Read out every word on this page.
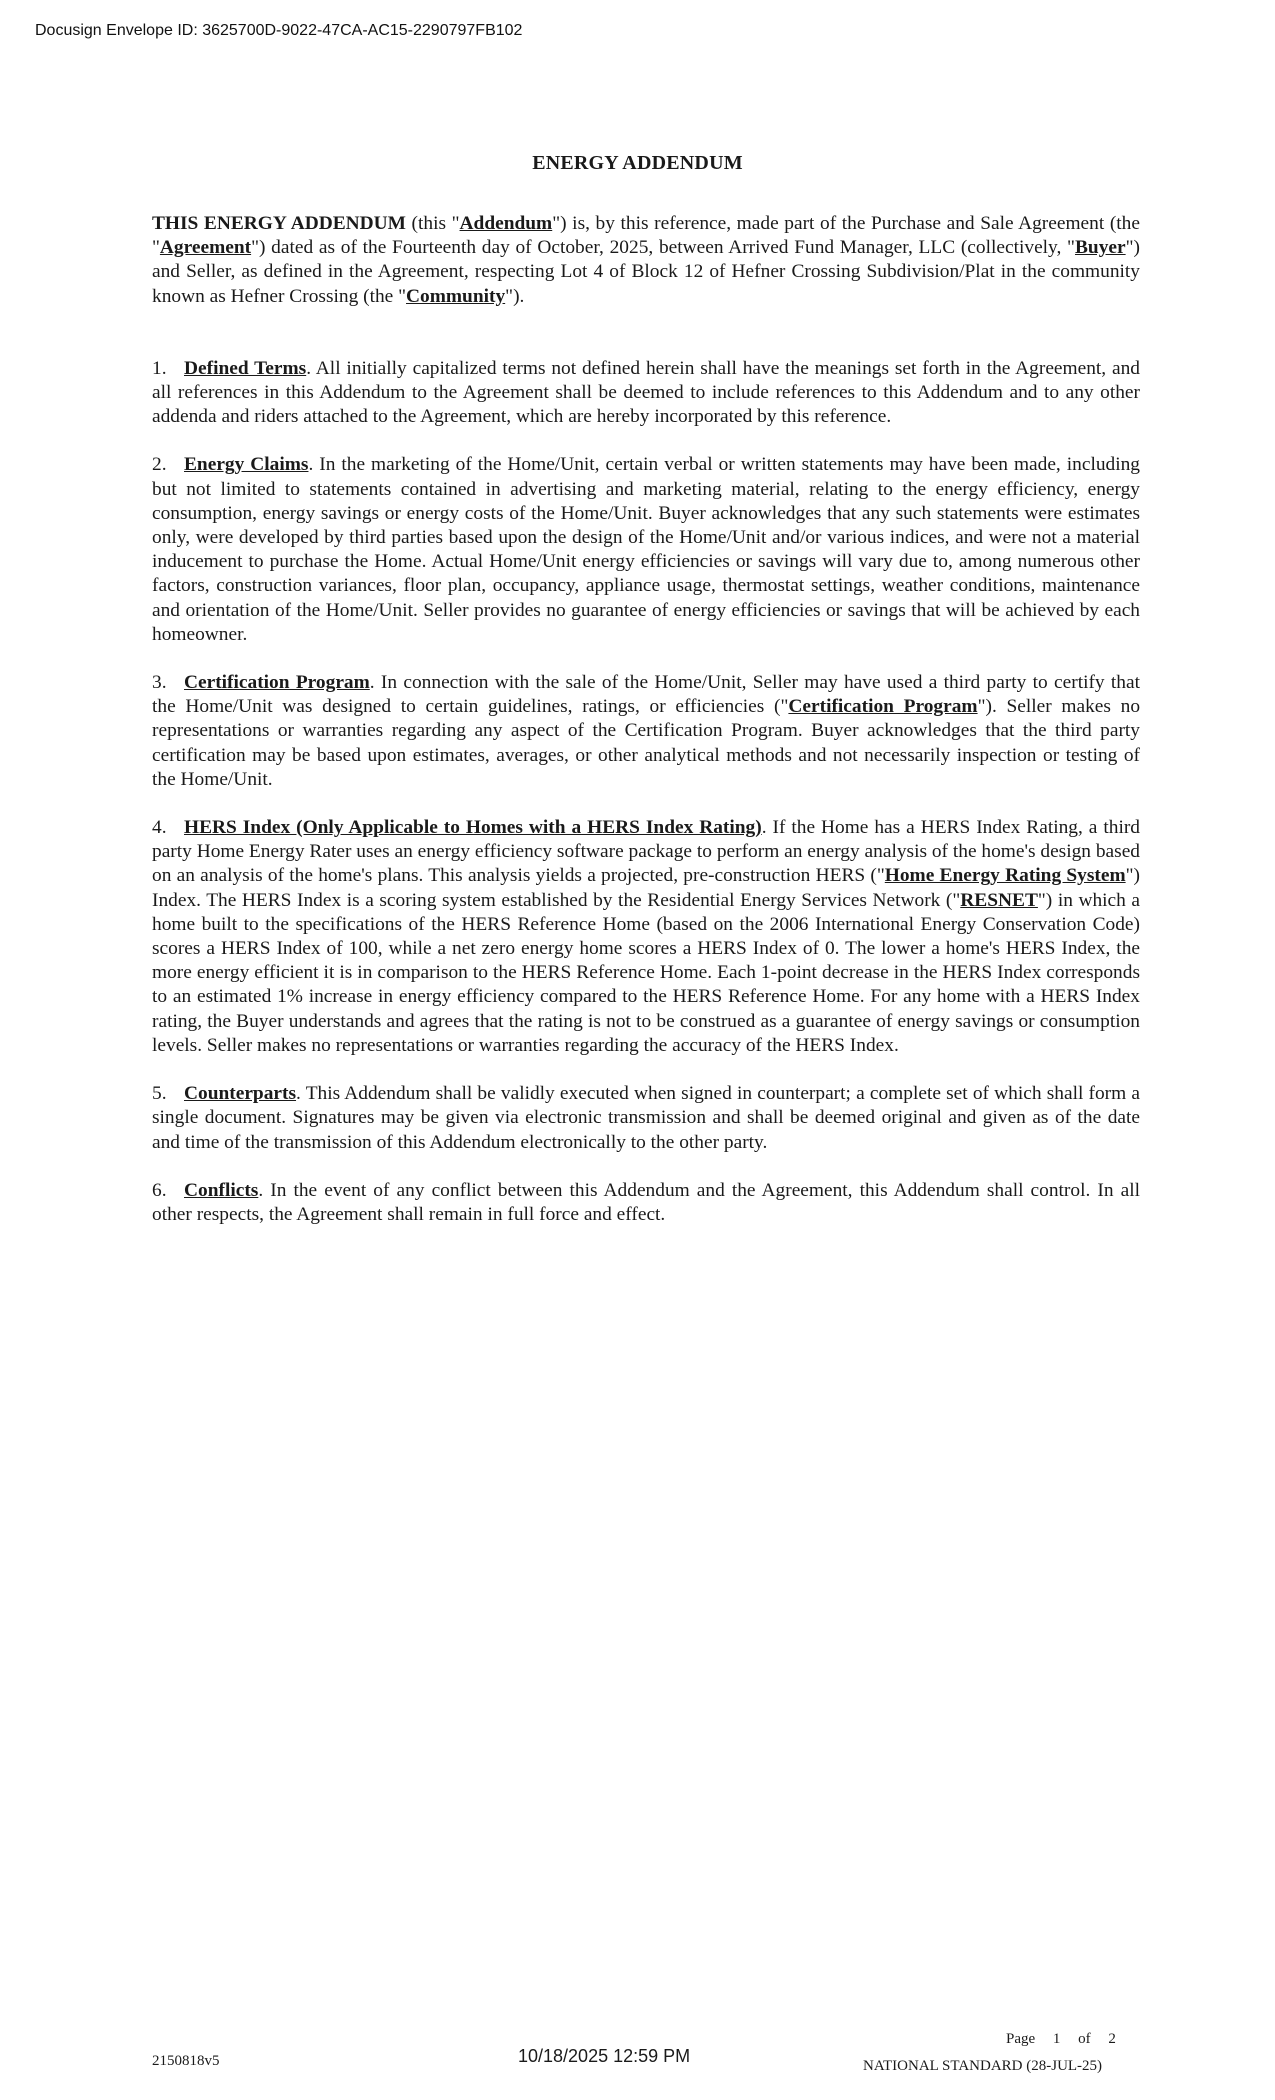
Docusign Envelope ID: 3625700D-9022-47CA-AC15-2290797FB102
ENERGY ADDENDUM

THIS ENERGY ADDENDUM (this "Addendum") is, by this reference, made part of the Purchase and Sale Agreement (the "Agreement") dated as of the Fourteenth day of October, 2025, between Arrived Fund Manager, LLC (collectively, "Buyer") and Seller, as defined in the Agreement, respecting Lot 4 of Block 12 of Hefner Crossing Subdivision/Plat in the community known as Hefner Crossing (the "Community").

1. Defined Terms. All initially capitalized terms not defined herein shall have the meanings set forth in the Agreement, and all references in this Addendum to the Agreement shall be deemed to include references to this Addendum and to any other addenda and riders attached to the Agreement, which are hereby incorporated by this reference.

2. Energy Claims. In the marketing of the Home/Unit, certain verbal or written statements may have been made, including but not limited to statements contained in advertising and marketing material, relating to the energy efficiency, energy consumption, energy savings or energy costs of the Home/Unit. Buyer acknowledges that any such statements were estimates only, were developed by third parties based upon the design of the Home/Unit and/or various indices, and were not a material inducement to purchase the Home. Actual Home/Unit energy efficiencies or savings will vary due to, among numerous other factors, construction variances, floor plan, occupancy, appliance usage, thermostat settings, weather conditions, maintenance and orientation of the Home/Unit. Seller provides no guarantee of energy efficiencies or savings that will be achieved by each homeowner.

3. Certification Program. In connection with the sale of the Home/Unit, Seller may have used a third party to certify that the Home/Unit was designed to certain guidelines, ratings, or efficiencies ("Certification Program"). Seller makes no representations or warranties regarding any aspect of the Certification Program. Buyer acknowledges that the third party certification may be based upon estimates, averages, or other analytical methods and not necessarily inspection or testing of the Home/Unit.

4. HERS Index (Only Applicable to Homes with a HERS Index Rating). If the Home has a HERS Index Rating, a third party Home Energy Rater uses an energy efficiency software package to perform an energy analysis of the home's design based on an analysis of the home's plans. This analysis yields a projected, pre-construction HERS ("Home Energy Rating System") Index. The HERS Index is a scoring system established by the Residential Energy Services Network ("RESNET") in which a home built to the specifications of the HERS Reference Home (based on the 2006 International Energy Conservation Code) scores a HERS Index of 100, while a net zero energy home scores a HERS Index of 0. The lower a home's HERS Index, the more energy efficient it is in comparison to the HERS Reference Home. Each 1-point decrease in the HERS Index corresponds to an estimated 1% increase in energy efficiency compared to the HERS Reference Home. For any home with a HERS Index rating, the Buyer understands and agrees that the rating is not to be construed as a guarantee of energy savings or consumption levels. Seller makes no representations or warranties regarding the accuracy of the HERS Index.

5. Counterparts. This Addendum shall be validly executed when signed in counterpart; a complete set of which shall form a single document. Signatures may be given via electronic transmission and shall be deemed original and given as of the date and time of the transmission of this Addendum electronically to the other party.

6. Conflicts. In the event of any conflict between this Addendum and the Agreement, this Addendum shall control. In all other respects, the Agreement shall remain in full force and effect.

2150818v5	10/18/2025 12:59 PM
Page 1 of 2
NATIONAL STANDARD (28-JUL-25)
